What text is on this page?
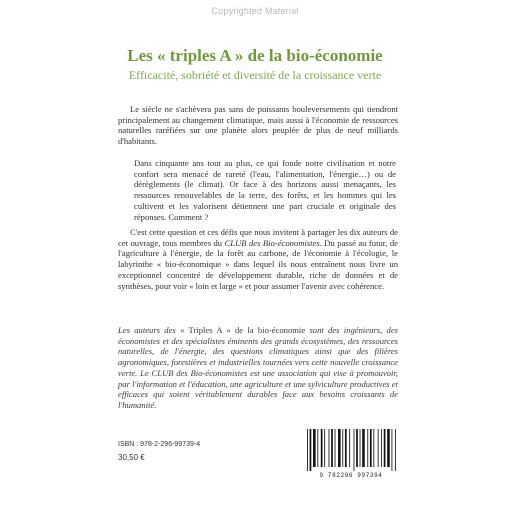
Copyrighted Material
Les « triples A » de la bio-économie
Efficacité, sobriété et diversité de la croissance verte

Le siècle ne s'achèvera pas sans de puissants bouleversements qui tiendront principalement au changement climatique, mais aussi à l'économie de ressources naturelles raréfiées sur une planète alors peuplée de plus de neuf milliards d'habitants.

Dans cinquante ans tout au plus, ce qui fonde notre civilisation et notre confort sera menacé de rareté (l'eau, l'alimentation, l'énergie…) ou de dérèglements (le climat). Or face à des horizons aussi menaçants, les ressources renouvelables de la terre, des forêts, et les hommes qui les cultivent et les valorisent détiennent une part cruciale et originale des réponses. Comment ?

C'est cette question et ces défis que nous invitent à partager les dix auteurs de cet ouvrage, tous membres du CLUB des Bio-économistes. Du passé au futur, de l'agriculture à l'énergie, de la forêt au carbone, de l'économie à l'écologie, le labyrinthe « bio-économique » dans lequel ils nous entraînent nous livre un exceptionnel concentré de développement durable, riche de données et de synthèses, pour voir « loin et large » et pour assumer l'avenir avec cohérence.

Les auteurs des « Triples A » de la bio-économie sont des ingénieurs, des économistes et des spécialistes éminents des grands écosystèmes, des ressources naturelles, de l'énergie, des questions climatiques ainsi que des filières agronomiques, forestières et industrielles tournées vers cette nouvelle croissance verte. Le CLUB des Bio-économistes est une association qui vise à promouvoir, par l'information et l'éducation, une agriculture et une sylviculture productives et efficaces qui soient véritablement durables face aux besoins croissants de l'humanité.

ISBN : 978-2-296-99739-4
30,50 €
9 782296 997394
